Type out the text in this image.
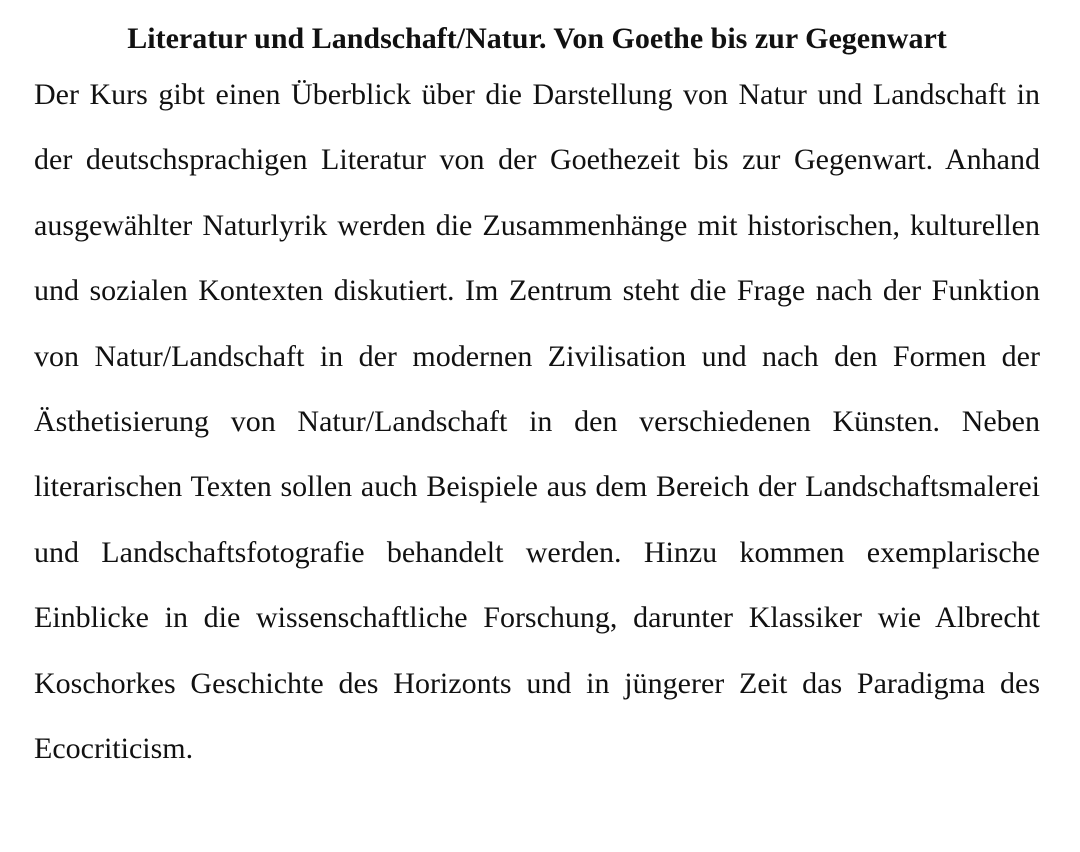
Literatur und Landschaft/Natur. Von Goethe bis zur Gegenwart

Der Kurs gibt einen Überblick über die Darstellung von Natur und Landschaft in der deutschsprachigen Literatur von der Goethezeit bis zur Gegenwart. Anhand ausgewählter Naturlyrik werden die Zusammenhänge mit historischen, kulturellen und sozialen Kontexten diskutiert. Im Zentrum steht die Frage nach der Funktion von Natur/Landschaft in der modernen Zivilisation und nach den Formen der Ästhetisierung von Natur/Landschaft in den verschiedenen Künsten. Neben literarischen Texten sollen auch Beispiele aus dem Bereich der Landschaftsmalerei und Landschaftsfotografie behandelt werden. Hinzu kommen exemplarische Einblicke in die wissenschaftliche Forschung, darunter Klassiker wie Albrecht Koschorkes Geschichte des Horizonts und in jüngerer Zeit das Paradigma des Ecocriticism.
